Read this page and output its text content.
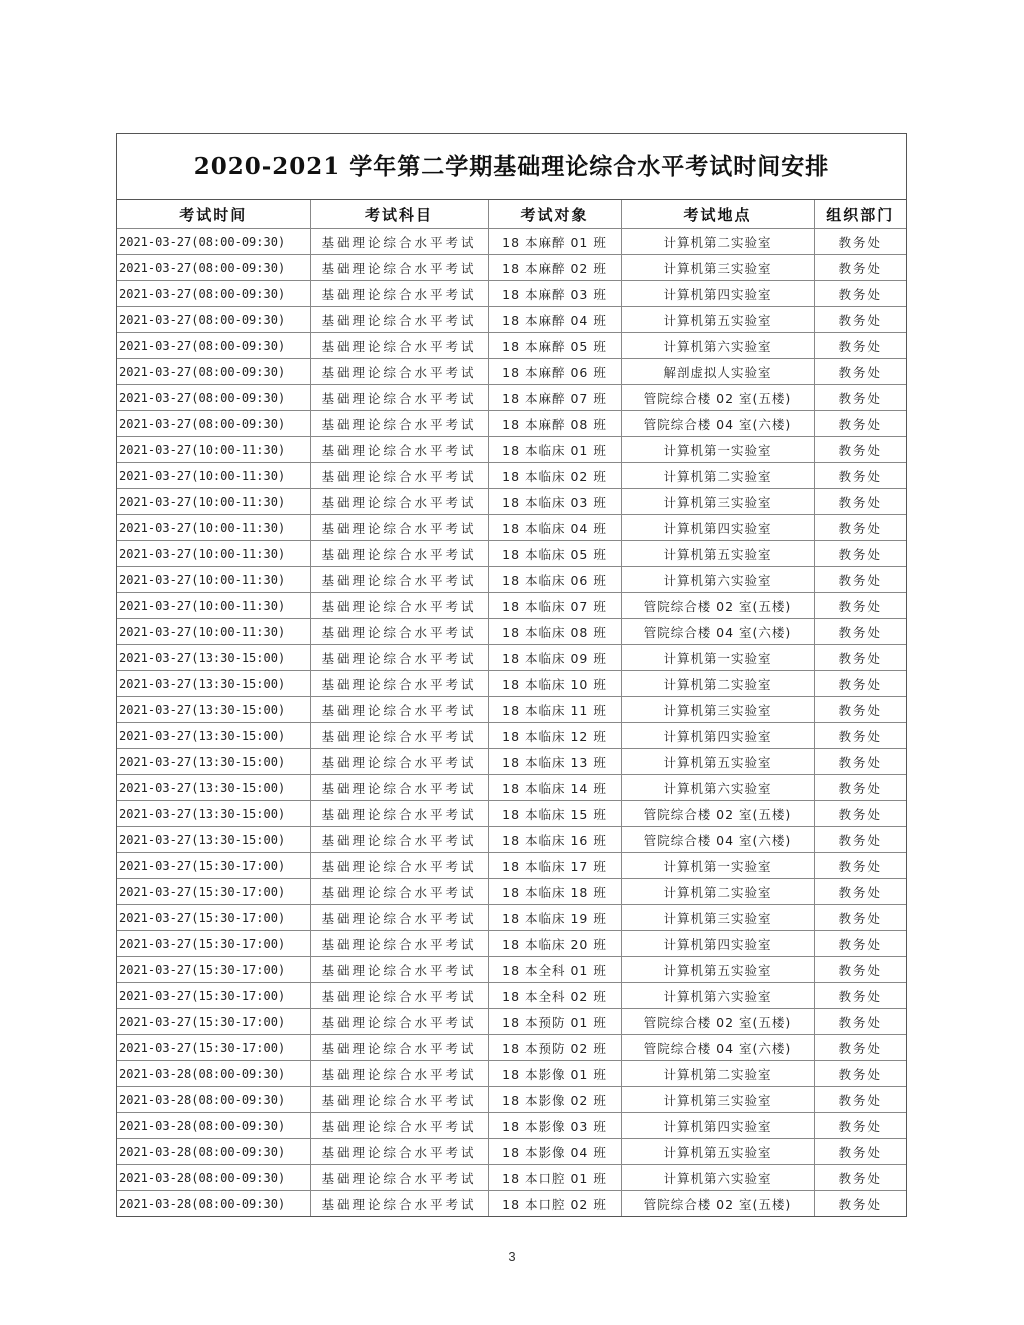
2020-2021 学年第二学期基础理论综合水平考试时间安排
考试时间	考试科目	考试对象	考试地点	组织部门
2021-03-27(08:00-09:30)	基础理论综合水平考试	18 本麻醉 01 班	计算机第二实验室	教务处
2021-03-27(08:00-09:30)	基础理论综合水平考试	18 本麻醉 02 班	计算机第三实验室	教务处
2021-03-27(08:00-09:30)	基础理论综合水平考试	18 本麻醉 03 班	计算机第四实验室	教务处
2021-03-27(08:00-09:30)	基础理论综合水平考试	18 本麻醉 04 班	计算机第五实验室	教务处
2021-03-27(08:00-09:30)	基础理论综合水平考试	18 本麻醉 05 班	计算机第六实验室	教务处
2021-03-27(08:00-09:30)	基础理论综合水平考试	18 本麻醉 06 班	解剖虚拟人实验室	教务处
2021-03-27(08:00-09:30)	基础理论综合水平考试	18 本麻醉 07 班	管院综合楼 02 室(五楼)	教务处
2021-03-27(08:00-09:30)	基础理论综合水平考试	18 本麻醉 08 班	管院综合楼 04 室(六楼)	教务处
2021-03-27(10:00-11:30)	基础理论综合水平考试	18 本临床 01 班	计算机第一实验室	教务处
2021-03-27(10:00-11:30)	基础理论综合水平考试	18 本临床 02 班	计算机第二实验室	教务处
2021-03-27(10:00-11:30)	基础理论综合水平考试	18 本临床 03 班	计算机第三实验室	教务处
2021-03-27(10:00-11:30)	基础理论综合水平考试	18 本临床 04 班	计算机第四实验室	教务处
2021-03-27(10:00-11:30)	基础理论综合水平考试	18 本临床 05 班	计算机第五实验室	教务处
2021-03-27(10:00-11:30)	基础理论综合水平考试	18 本临床 06 班	计算机第六实验室	教务处
2021-03-27(10:00-11:30)	基础理论综合水平考试	18 本临床 07 班	管院综合楼 02 室(五楼)	教务处
2021-03-27(10:00-11:30)	基础理论综合水平考试	18 本临床 08 班	管院综合楼 04 室(六楼)	教务处
2021-03-27(13:30-15:00)	基础理论综合水平考试	18 本临床 09 班	计算机第一实验室	教务处
2021-03-27(13:30-15:00)	基础理论综合水平考试	18 本临床 10 班	计算机第二实验室	教务处
2021-03-27(13:30-15:00)	基础理论综合水平考试	18 本临床 11 班	计算机第三实验室	教务处
2021-03-27(13:30-15:00)	基础理论综合水平考试	18 本临床 12 班	计算机第四实验室	教务处
2021-03-27(13:30-15:00)	基础理论综合水平考试	18 本临床 13 班	计算机第五实验室	教务处
2021-03-27(13:30-15:00)	基础理论综合水平考试	18 本临床 14 班	计算机第六实验室	教务处
2021-03-27(13:30-15:00)	基础理论综合水平考试	18 本临床 15 班	管院综合楼 02 室(五楼)	教务处
2021-03-27(13:30-15:00)	基础理论综合水平考试	18 本临床 16 班	管院综合楼 04 室(六楼)	教务处
2021-03-27(15:30-17:00)	基础理论综合水平考试	18 本临床 17 班	计算机第一实验室	教务处
2021-03-27(15:30-17:00)	基础理论综合水平考试	18 本临床 18 班	计算机第二实验室	教务处
2021-03-27(15:30-17:00)	基础理论综合水平考试	18 本临床 19 班	计算机第三实验室	教务处
2021-03-27(15:30-17:00)	基础理论综合水平考试	18 本临床 20 班	计算机第四实验室	教务处
2021-03-27(15:30-17:00)	基础理论综合水平考试	18 本全科 01 班	计算机第五实验室	教务处
2021-03-27(15:30-17:00)	基础理论综合水平考试	18 本全科 02 班	计算机第六实验室	教务处
2021-03-27(15:30-17:00)	基础理论综合水平考试	18 本预防 01 班	管院综合楼 02 室(五楼)	教务处
2021-03-27(15:30-17:00)	基础理论综合水平考试	18 本预防 02 班	管院综合楼 04 室(六楼)	教务处
2021-03-28(08:00-09:30)	基础理论综合水平考试	18 本影像 01 班	计算机第二实验室	教务处
2021-03-28(08:00-09:30)	基础理论综合水平考试	18 本影像 02 班	计算机第三实验室	教务处
2021-03-28(08:00-09:30)	基础理论综合水平考试	18 本影像 03 班	计算机第四实验室	教务处
2021-03-28(08:00-09:30)	基础理论综合水平考试	18 本影像 04 班	计算机第五实验室	教务处
2021-03-28(08:00-09:30)	基础理论综合水平考试	18 本口腔 01 班	计算机第六实验室	教务处
2021-03-28(08:00-09:30)	基础理论综合水平考试	18 本口腔 02 班	管院综合楼 02 室(五楼)	教务处
3
